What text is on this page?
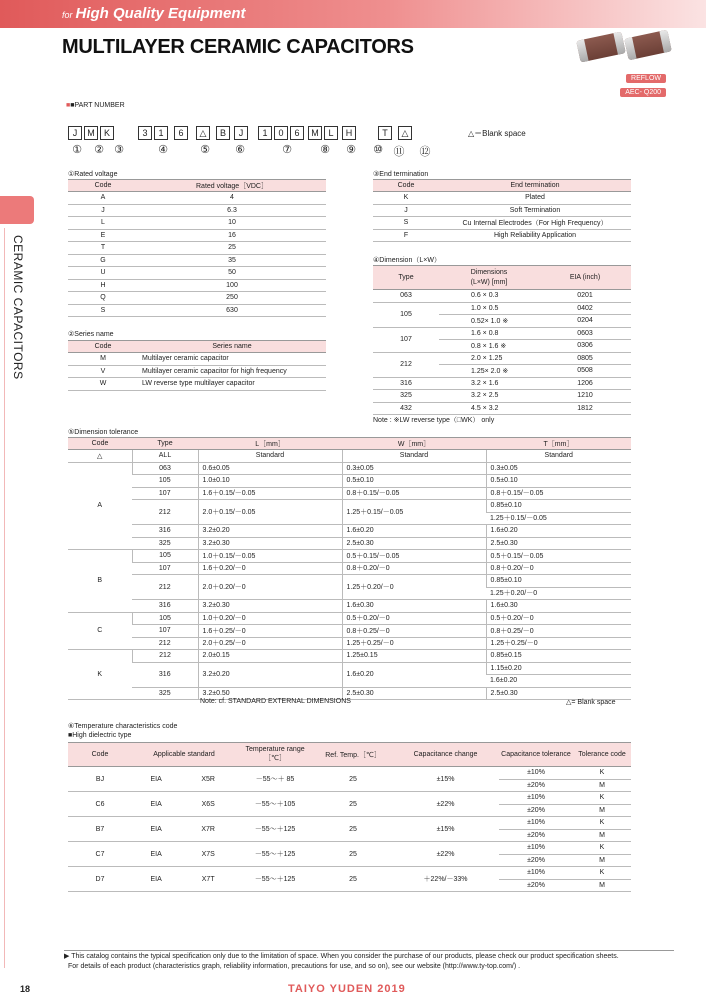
for High Quality Equipment
MULTILAYER CERAMIC CAPACITORS
REFLOW
AEC- Q200
CERAMIC CAPACITORS
■■PART NUMBER
J	M	K	3	1	6	△	B	J	1	0	6	M	L	H	T	△
① ② ③	④	⑤ ⑥	⑦	⑧ ⑨ ⑩ ⑪ ⑫
△＝Blank space
①Rated voltage
Code	Rated voltage［VDC］
A	4
J	6.3
L	10
E	16
T	25
G	35
U	50
H	100
Q	250
S	630
②Series name
Code	Series name
M	Multilayer ceramic capacitor
V	Multilayer ceramic capacitor for high frequency
W	LW reverse type multilayer capacitor
③End termination
Code	End termination
K	Plated
J	Soft Termination
S	Cu Internal Electrodes（For High Frequency）
F	High Reliability Application
④Dimension（L×W）
Type	Dimensions
(L×W) [mm]	EIA (inch)
063	0.6 × 0.3	0201
105	1.0 × 0.5	0402
	0.52× 1.0 ※	0204
107	1.6 × 0.8	0603
	0.8 × 1.6 ※	0306
212	2.0 × 1.25	0805
	1.25× 2.0 ※	0508
316	3.2 × 1.6	1206
325	3.2 × 2.5	1210
432	4.5 × 3.2	1812
Note : ※LW reverse type（□WK） only
⑤Dimension tolerance
Code	Type	L［mm］	W［mm］	T［mm］
△	ALL	Standard	Standard	Standard
A	063	0.6±0.05	0.3±0.05	0.3±0.05
	105	1.0±0.10	0.5±0.10	0.5±0.10
	107	1.6＋0.15/－0.05	0.8＋0.15/－0.05	0.8＋0.15/－0.05
	212	2.0＋0.15/－0.05	1.25＋0.15/－0.05	0.85±0.10
				1.25＋0.15/－0.05
	316	3.2±0.20	1.6±0.20	1.6±0.20
	325	3.2±0.30	2.5±0.30	2.5±0.30
B	105	1.0＋0.15/－0.05	0.5＋0.15/－0.05	0.5＋0.15/－0.05
	107	1.6＋0.20/－0	0.8＋0.20/－0	0.8＋0.20/－0
	212	2.0＋0.20/－0	1.25＋0.20/－0	0.85±0.10
				1.25＋0.20/－0
	316	3.2±0.30	1.6±0.30	1.6±0.30
C	105	1.0＋0.20/－0	0.5＋0.20/－0	0.5＋0.20/－0
	107	1.6＋0.25/－0	0.8＋0.25/－0	0.8＋0.25/－0
	212	2.0＋0.25/－0	1.25＋0.25/－0	1.25＋0.25/－0
K	212	2.0±0.15	1.25±0.15	0.85±0.15
	316	3.2±0.20	1.6±0.20	1.15±0.20
				1.6±0.20
	325	3.2±0.50	2.5±0.30	2.5±0.30
Note: cf. STANDARD EXTERNAL DIMENSIONS	△= Blank space
⑥Temperature characteristics code
■High dielectric type
Code	Applicable standard		Temperature range［℃］	Ref. Temp.［℃］	Capacitance change	Capacitance tolerance	Tolerance code
BJ	EIA	X5R	－55～＋ 85	25	±15%	±10%	K
						±20%	M
C6	EIA	X6S	－55～＋105	25	±22%	±10%	K
						±20%	M
B7	EIA	X7R	－55～＋125	25	±15%	±10%	K
						±20%	M
C7	EIA	X7S	－55～＋125	25	±22%	±10%	K
						±20%	M
D7	EIA	X7T	－55～＋125	25	＋22%/－33%	±10%	K
						±20%	M
▶ This catalog contains the typical specification only due to the limitation of space. When you consider the purchase of our products, please check our product specification sheets.
For details of each product (characteristics graph, reliability information, precautions for use, and so on), see our website (http://www.ty-top.com/) .
18	TAIYO YUDEN 2019
